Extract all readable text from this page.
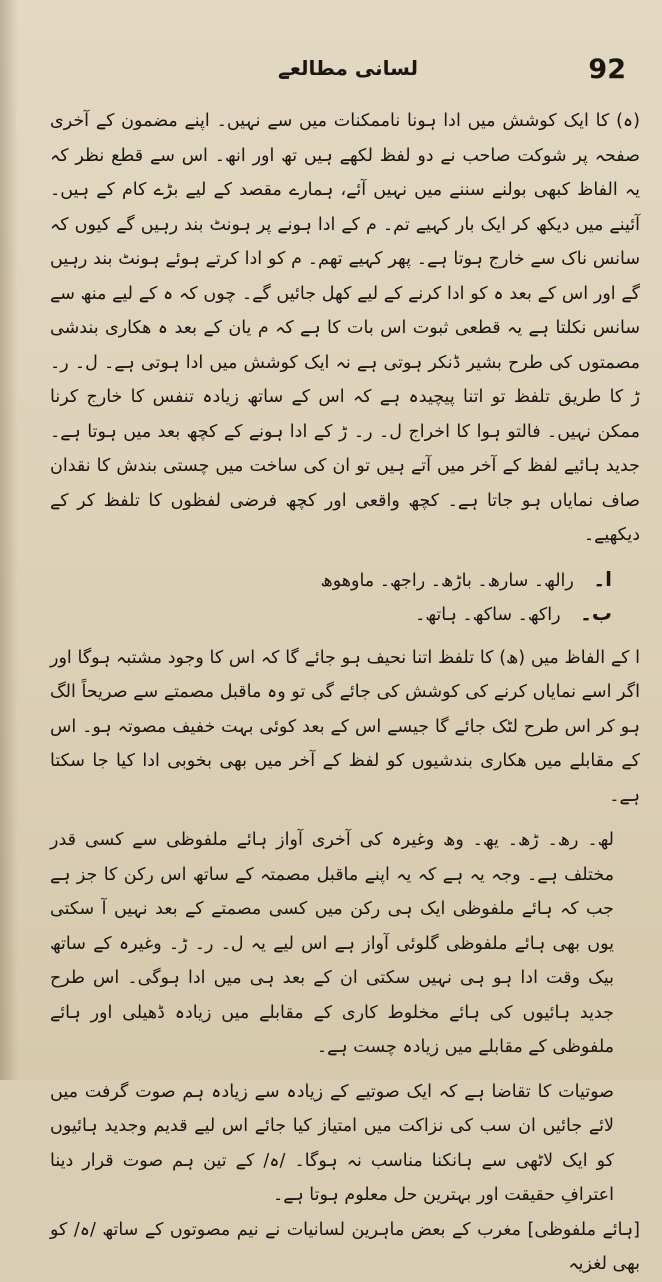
92
لسانی مطالعے

(ہ) کا ایک کوشش میں ادا ہونا ناممکنات میں سے نہیں۔ اپنے مضمون کے آخری صفحہ پر شوکت صاحب نے دو لفظ لکھے ہیں تھ اور انھ۔ اس سے قطع نظر کہ یہ الفاظ کبھی بولنے سننے میں نہیں آئے، ہمارے مقصد کے لیے بڑے کام کے ہیں۔ آئینے میں دیکھ کر ایک بار کہیے تم۔ م کے ادا ہونے پر ہونٹ بند رہیں گے کیوں کہ سانس ناک سے خارج ہوتا ہے۔ پھر کہیے تھم۔ م کو ادا کرتے ہوئے ہونٹ بند رہیں گے اور اس کے بعد ہ کو ادا کرنے کے لیے کھل جائیں گے۔ چوں کہ ہ کے لیے منھ سے سانس نکلتا ہے یہ قطعی ثبوت اس بات کا ہے کہ م یان کے بعد ہ ھکاری بندشی مصمتوں کی طرح بشیر ڈنکر ہوتی ہے نہ ایک کوشش میں ادا ہوتی ہے۔ ل۔ ر۔ ڑ کا طریق تلفظ تو اتنا پیچیدہ ہے کہ اس کے ساتھ زیادہ تنفس کا خارج کرنا ممکن نہیں۔ فالتو ہوا کا اخراج ل۔ ر۔ ڑ کے ادا ہونے کے کچھ بعد میں ہوتا ہے۔ جدید ہائیے لفظ کے آخر میں آتے ہیں تو ان کی ساخت میں چستی بندش کا نقدان صاف نمایاں ہو جاتا ہے۔ کچھ واقعی اور کچھ فرضی لفظوں کا تلفظ کر کے دیکھیے۔

ا۔ رالھ۔ سارھ۔ باڑھ۔ راجھ۔ ماوھوھ

ب۔ راکھ۔ ساکھ۔ ہاتھ۔

ا کے الفاظ میں (ھ) کا تلفظ اتنا نحیف ہو جائے گا کہ اس کا وجود مشتبہ ہوگا اور اگر اسے نمایاں کرنے کی کوشش کی جائے گی تو وہ ماقبل مصمتے سے صریحاً الگ ہو کر اس طرح لٹک جائے گا جیسے اس کے بعد کوئی بہت خفیف مصوتہ ہو۔ اس کے مقابلے میں ھکاری بندشیوں کو لفظ کے آخر میں بھی بخوبی ادا کیا جا سکتا ہے۔

لھ۔ رھ۔ ڑھ۔ یھ۔ وھ وغیرہ کی آخری آواز ہائے ملفوظی سے کسی قدر مختلف ہے۔ وجہ یہ ہے کہ یہ اپنے ماقبل مصمتہ کے ساتھ اس رکن کا جز ہے جب کہ ہائے ملفوظی ایک ہی رکن میں کسی مصمتے کے بعد نہیں آ سکتی یوں بھی ہائے ملفوظی گلوئی آواز ہے اس لیے یہ ل۔ ر۔ ڑ۔ وغیرہ کے ساتھ بیک وقت ادا ہو ہی نہیں سکتی ان کے بعد ہی میں ادا ہوگی۔ اس طرح جدید ہائیوں کی ہائے مخلوط کاری کے مقابلے میں زیادہ ڈھیلی اور ہائے ملفوظی کے مقابلے میں زیادہ چست ہے۔

صوتیات کا تقاضا ہے کہ ایک صوتیے کے زیادہ سے زیادہ ہم صوت گرفت میں لائے جائیں ان سب کی نزاکت میں امتیاز کیا جائے اس لیے قدیم وجدید ہائیوں کو ایک لاٹھی سے ہانکنا مناسب نہ ہوگا۔ /ہ/ کے تین ہم صوت قرار دینا اعترافِ حقیقت اور بہترین حل معلوم ہوتا ہے۔

[ہائے ملفوظی] مغرب کے بعض ماہرین لسانیات نے نیم مصوتوں کے ساتھ /ہ/ کو بھی لغزیہ
